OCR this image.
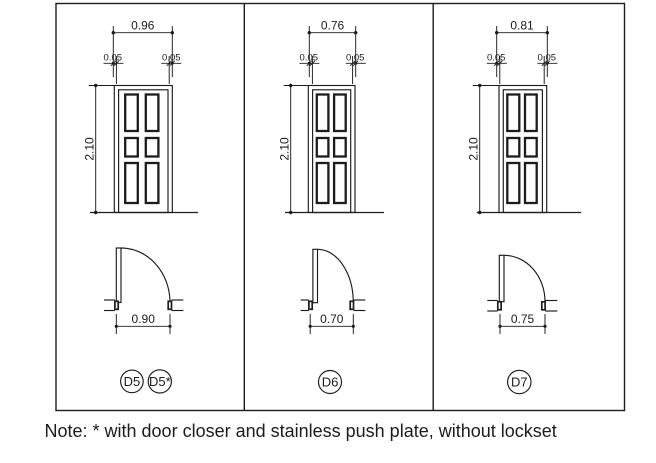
0.96
0.05	0.05
2.10
0.90
D5 D5*
0.76
0.05	0.05
2.10
0.70
D6
0.81
0.05	0.05
2.10
0.75
D7
Note: * with door closer and stainless push plate, without lockset
